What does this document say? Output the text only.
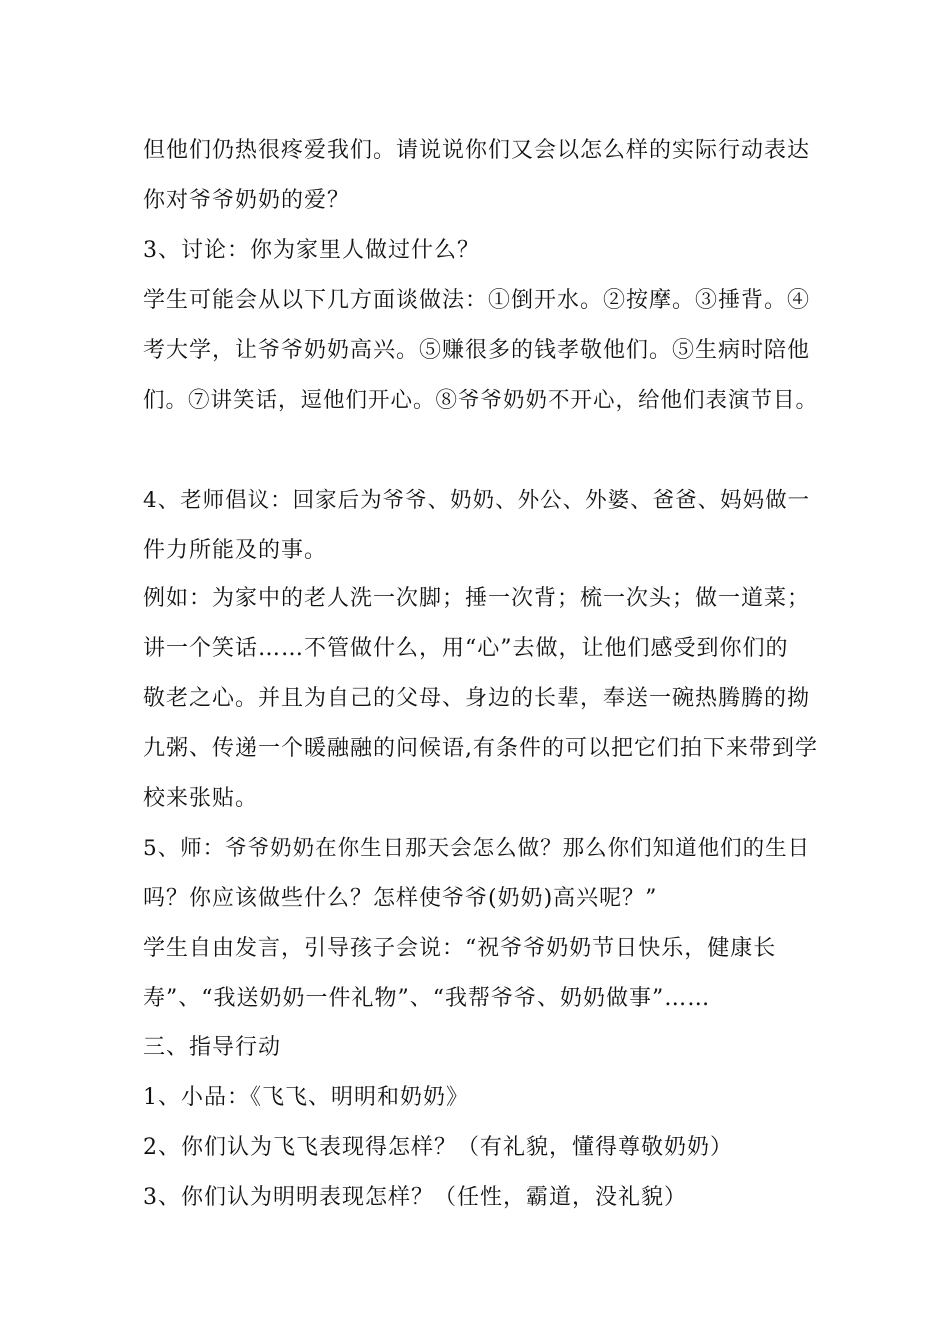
但他们仍热很疼爱我们。请说说你们又会以怎么样的实际行动表达
你对爷爷奶奶的爱？
3、讨论：你为家里人做过什么？
学生可能会从以下几方面谈做法：①倒开水。②按摩。③捶背。④
考大学，让爷爷奶奶高兴。⑤赚很多的钱孝敬他们。⑤生病时陪他
们。⑦讲笑话，逗他们开心。⑧爷爷奶奶不开心，给他们表演节目。
4、老师倡议：回家后为爷爷、奶奶、外公、外婆、爸爸、妈妈做一
件力所能及的事。
例如：为家中的老人洗一次脚；捶一次背；梳一次头；做一道菜；
讲一个笑话……不管做什么，用“心”去做，让他们感受到你们的
敬老之心。并且为自己的父母、身边的长辈，奉送一碗热腾腾的拗
九粥、传递一个暖融融的问候语,有条件的可以把它们拍下来带到学
校来张贴。
5、师：爷爷奶奶在你生日那天会怎么做？那么你们知道他们的生日
吗？你应该做些什么？怎样使爷爷(奶奶)高兴呢？”
学生自由发言，引导孩子会说：“祝爷爷奶奶节日快乐，健康长
寿”、“我送奶奶一件礼物”、“我帮爷爷、奶奶做事”……
三、指导行动
1、小品：《飞飞、明明和奶奶》
2、你们认为飞飞表现得怎样？（有礼貌，懂得尊敬奶奶）
3、你们认为明明表现怎样？（任性，霸道，没礼貌）
